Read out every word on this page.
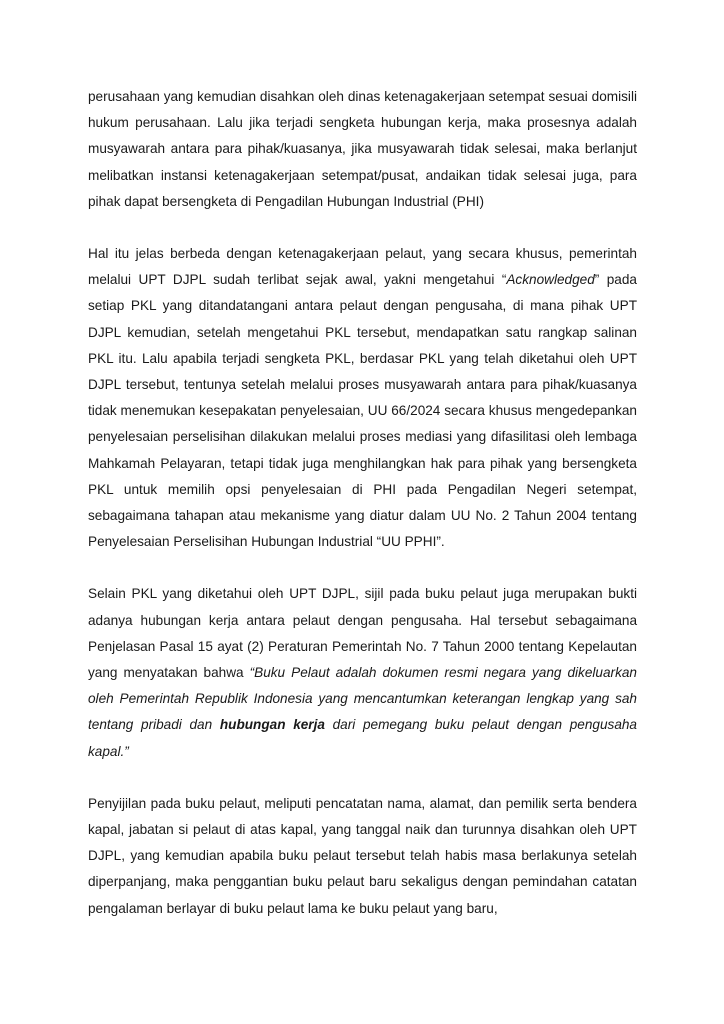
perusahaan yang kemudian disahkan oleh dinas ketenagakerjaan setempat sesuai domisili hukum perusahaan. Lalu jika terjadi sengketa hubungan kerja, maka prosesnya adalah musyawarah antara para pihak/kuasanya, jika musyawarah tidak selesai, maka berlanjut melibatkan instansi ketenagakerjaan setempat/pusat, andaikan tidak selesai juga, para pihak dapat bersengketa di Pengadilan Hubungan Industrial (PHI)

Hal itu jelas berbeda dengan ketenagakerjaan pelaut, yang secara khusus, pemerintah melalui UPT DJPL sudah terlibat sejak awal, yakni mengetahui “Acknowledged” pada setiap PKL yang ditandatangani antara pelaut dengan pengusaha, di mana pihak UPT DJPL kemudian, setelah mengetahui PKL tersebut, mendapatkan satu rangkap salinan PKL itu. Lalu apabila terjadi sengketa PKL, berdasar PKL yang telah diketahui oleh UPT DJPL tersebut, tentunya setelah melalui proses musyawarah antara para pihak/kuasanya tidak menemukan kesepakatan penyelesaian, UU 66/2024 secara khusus mengedepankan penyelesaian perselisihan dilakukan melalui proses mediasi yang difasilitasi oleh lembaga Mahkamah Pelayaran, tetapi tidak juga menghilangkan hak para pihak yang bersengketa PKL untuk memilih opsi penyelesaian di PHI pada Pengadilan Negeri setempat, sebagaimana tahapan atau mekanisme yang diatur dalam UU No. 2 Tahun 2004 tentang Penyelesaian Perselisihan Hubungan Industrial “UU PPHI”.

Selain PKL yang diketahui oleh UPT DJPL, sijil pada buku pelaut juga merupakan bukti adanya hubungan kerja antara pelaut dengan pengusaha. Hal tersebut sebagaimana Penjelasan Pasal 15 ayat (2) Peraturan Pemerintah No. 7 Tahun 2000 tentang Kepelautan yang menyatakan bahwa “Buku Pelaut adalah dokumen resmi negara yang dikeluarkan oleh Pemerintah Republik Indonesia yang mencantumkan keterangan lengkap yang sah tentang pribadi dan hubungan kerja dari pemegang buku pelaut dengan pengusaha kapal.”

Penyijilan pada buku pelaut, meliputi pencatatan nama, alamat, dan pemilik serta bendera kapal, jabatan si pelaut di atas kapal, yang tanggal naik dan turunnya disahkan oleh UPT DJPL, yang kemudian apabila buku pelaut tersebut telah habis masa berlakunya setelah diperpanjang, maka penggantian buku pelaut baru sekaligus dengan pemindahan catatan pengalaman berlayar di buku pelaut lama ke buku pelaut yang baru,
